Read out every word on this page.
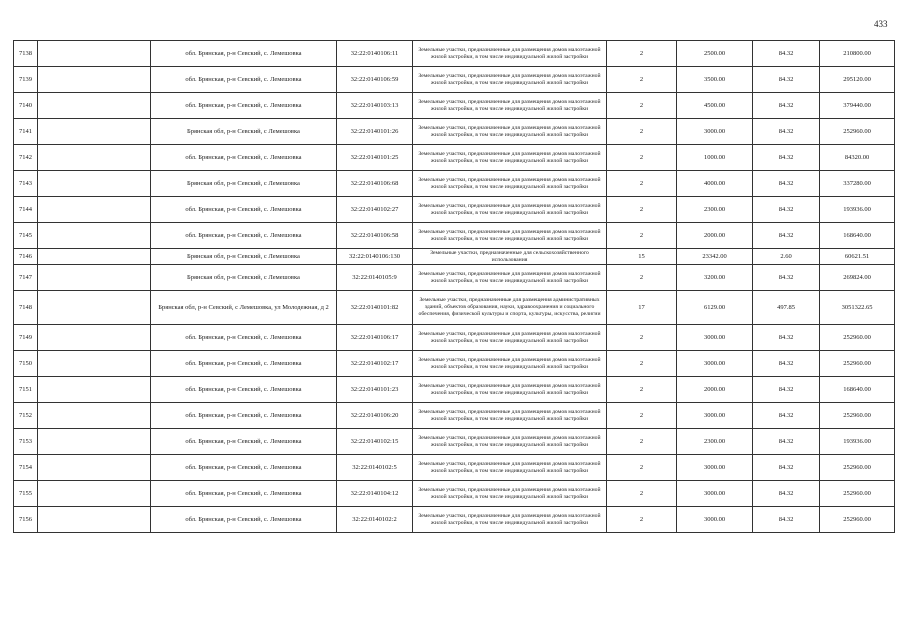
433
7138		обл. Брянская, р-н Севский, с. Лемешовка	32:22:0140106:11	Земельные участки, предназначенные для размещения домов малоэтажной жилой застройки, в том числе индивидуальной жилой застройки	2	2500.00	84.32	210800.00
7139		обл. Брянская, р-н Севский, с. Лемешовка	32:22:0140106:59	Земельные участки, предназначенные для размещения домов малоэтажной жилой застройки, в том числе индивидуальной жилой застройки	2	3500.00	84.32	295120.00
7140		обл. Брянская, р-н Севский, с. Лемешовка	32:22:0140103:13	Земельные участки, предназначенные для размещения домов малоэтажной жилой застройки, в том числе индивидуальной жилой застройки	2	4500.00	84.32	379440.00
7141		Брянская обл, р-н Севский, с Лемешовка	32:22:0140101:26	Земельные участки, предназначенные для размещения домов малоэтажной жилой застройки, в том числе индивидуальной жилой застройки	2	3000.00	84.32	252960.00
7142		обл. Брянская, р-н Севский, с. Лемешовка	32:22:0140101:25	Земельные участки, предназначенные для размещения домов малоэтажной жилой застройки, в том числе индивидуальной жилой застройки	2	1000.00	84.32	84320.00
7143		Брянская обл, р-н Севский, с Лемешовка	32:22:0140106:68	Земельные участки, предназначенные для размещения домов малоэтажной жилой застройки, в том числе индивидуальной жилой застройки	2	4000.00	84.32	337280.00
7144		обл. Брянская, р-н Севский, с. Лемешовка	32:22:0140102:27	Земельные участки, предназначенные для размещения домов малоэтажной жилой застройки, в том числе индивидуальной жилой застройки	2	2300.00	84.32	193936.00
7145		обл. Брянская, р-н Севский, с. Лемешовка	32:22:0140106:58	Земельные участки, предназначенные для размещения домов малоэтажной жилой застройки, в том числе индивидуальной жилой застройки	2	2000.00	84.32	168640.00
7146		Брянская обл, р-н Севский, с Лемешовка	32:22:0140106:130	Земельные участки, предназначенные для сельскохозяйственного использования	15	23342.00	2.60	60621.51
7147		Брянская обл, р-н Севский, с Лемешовка	32:22:0140105:9	Земельные участки, предназначенные для размещения домов малоэтажной жилой застройки, в том числе индивидуальной жилой застройки	2	3200.00	84.32	269824.00
7148		Брянская обл, р-н Севский, с Лемешовка, ул Молодежная, д 2	32:22:0140101:82	Земельные участки, предназначенные для размещения административных зданий, объектов образования, науки, здравоохранения и социального обеспечения, физической культуры и спорта, культуры, искусства, религии	17	6129.00	497.85	3051322.65
7149		обл. Брянская, р-н Севский, с. Лемешовка	32:22:0140106:17	Земельные участки, предназначенные для размещения домов малоэтажной жилой застройки, в том числе индивидуальной жилой застройки	2	3000.00	84.32	252960.00
7150		обл. Брянская, р-н Севский, с. Лемешовка	32:22:0140102:17	Земельные участки, предназначенные для размещения домов малоэтажной жилой застройки, в том числе индивидуальной жилой застройки	2	3000.00	84.32	252960.00
7151		обл. Брянская, р-н Севский, с. Лемешовка	32:22:0140101:23	Земельные участки, предназначенные для размещения домов малоэтажной жилой застройки, в том числе индивидуальной жилой застройки	2	2000.00	84.32	168640.00
7152		обл. Брянская, р-н Севский, с. Лемешовка	32:22:0140106:20	Земельные участки, предназначенные для размещения домов малоэтажной жилой застройки, в том числе индивидуальной жилой застройки	2	3000.00	84.32	252960.00
7153		обл. Брянская, р-н Севский, с. Лемешовка	32:22:0140102:15	Земельные участки, предназначенные для размещения домов малоэтажной жилой застройки, в том числе индивидуальной жилой застройки	2	2300.00	84.32	193936.00
7154		обл. Брянская, р-н Севский, с. Лемешовка	32:22:0140102:5	Земельные участки, предназначенные для размещения домов малоэтажной жилой застройки, в том числе индивидуальной жилой застройки	2	3000.00	84.32	252960.00
7155		обл. Брянская, р-н Севский, с. Лемешовка	32:22:0140104:12	Земельные участки, предназначенные для размещения домов малоэтажной жилой застройки, в том числе индивидуальной жилой застройки	2	3000.00	84.32	252960.00
7156		обл. Брянская, р-н Севский, с. Лемешовка	32:22:0140102:2	Земельные участки, предназначенные для размещения домов малоэтажной жилой застройки, в том числе индивидуальной жилой застройки	2	3000.00	84.32	252960.00
